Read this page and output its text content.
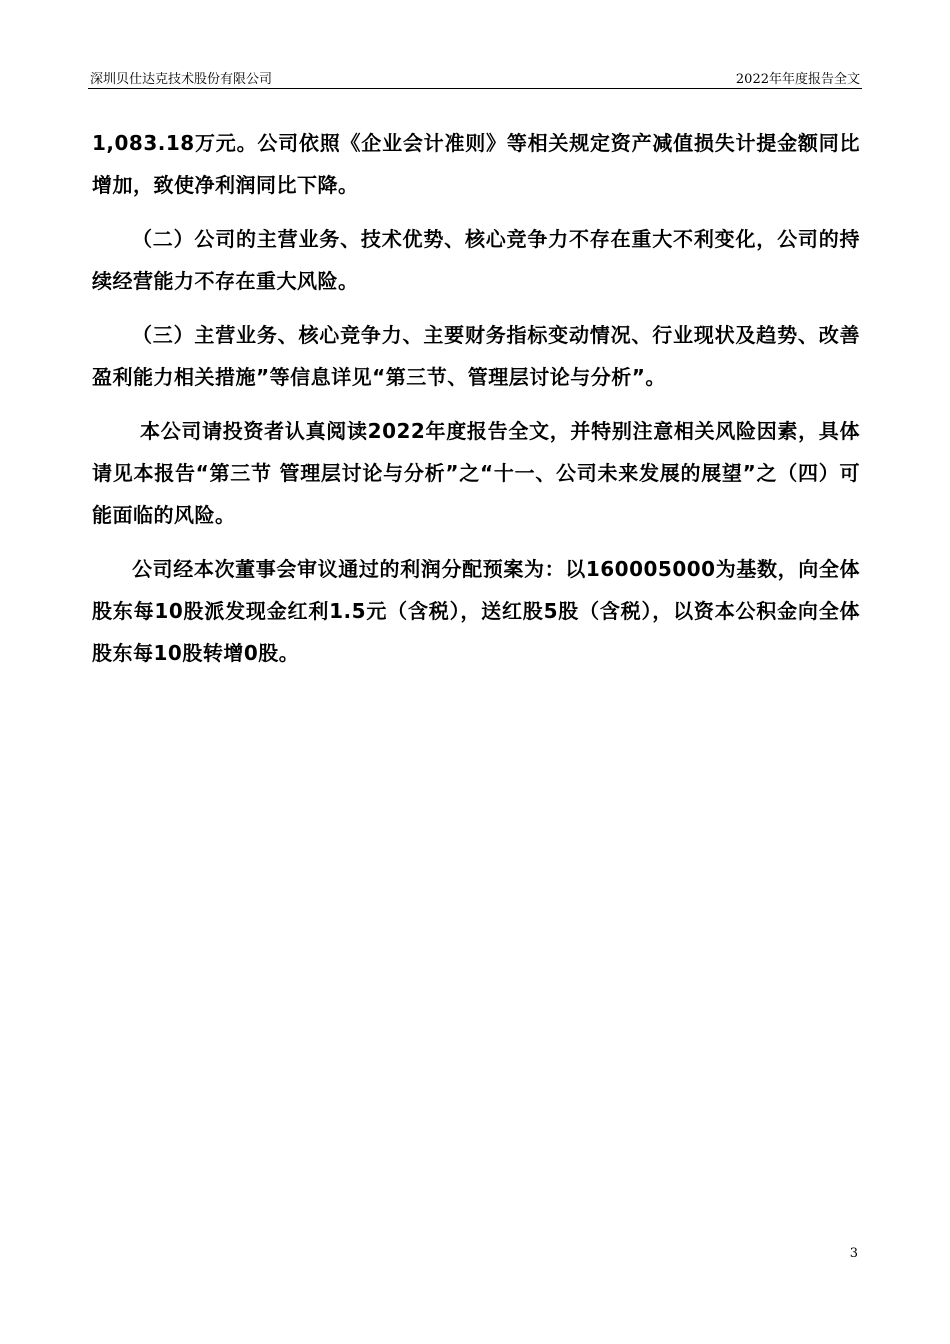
深圳贝仕达克技术股份有限公司	2022年年度报告全文

1,083.18万元。公司依照《企业会计准则》等相关规定资产减值损失计提金额同比增加，致使净利润同比下降。

（二）公司的主营业务、技术优势、核心竞争力不存在重大不利变化，公司的持续经营能力不存在重大风险。

（三）主营业务、核心竞争力、主要财务指标变动情况、行业现状及趋势、改善盈利能力相关措施”等信息详见“第三节、管理层讨论与分析”。

本公司请投资者认真阅读2022年度报告全文，并特别注意相关风险因素，具体请见本报告“第三节 管理层讨论与分析”之“十一、公司未来发展的展望”之（四）可能面临的风险。

公司经本次董事会审议通过的利润分配预案为：以160005000为基数，向全体股东每10股派发现金红利1.5元（含税），送红股5股（含税），以资本公积金向全体股东每10股转增0股。

3
